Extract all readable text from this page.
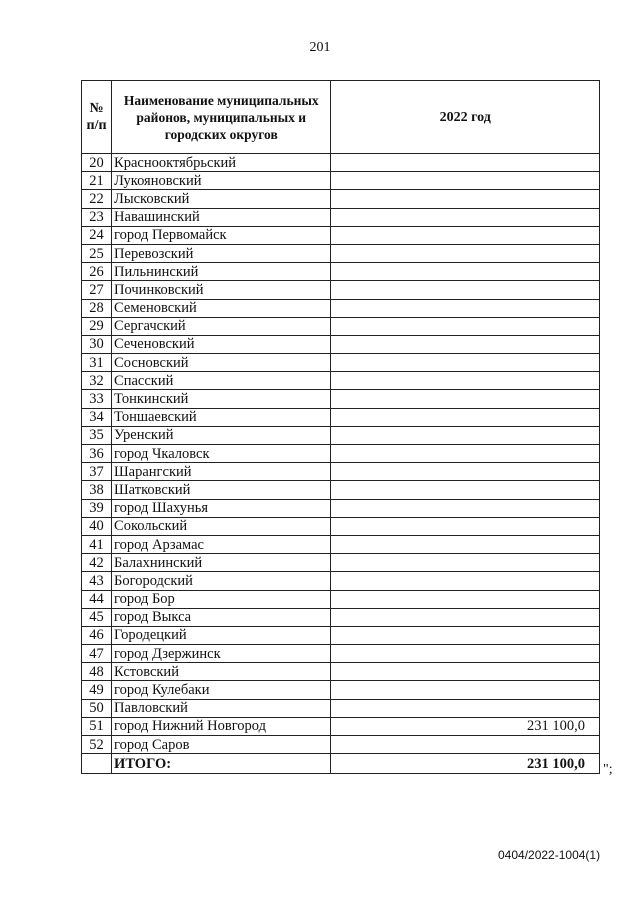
201
№ п/п	Наименование муниципальных районов, муниципальных и городских округов	2022 год
20	Краснооктябрьский	
21	Лукояновский	
22	Лысковский	
23	Навашинский	
24	город Первомайск	
25	Перевозский	
26	Пильнинский	
27	Починковский	
28	Семеновский	
29	Сергачский	
30	Сеченовский	
31	Сосновский	
32	Спасский	
33	Тонкинский	
34	Тоншаевский	
35	Уренский	
36	город Чкаловск	
37	Шарангский	
38	Шатковский	
39	город Шахунья	
40	Сокольский	
41	город Арзамас	
42	Балахнинский	
43	Богородский	
44	город Бор	
45	город Выкса	
46	Городецкий	
47	город Дзержинск	
48	Кстовский	
49	город Кулебаки	
50	Павловский	
51	город Нижний Новгород	231 100,0
52	город Саров	
	ИТОГО:	231 100,0 ";
0404/2022-1004(1)
